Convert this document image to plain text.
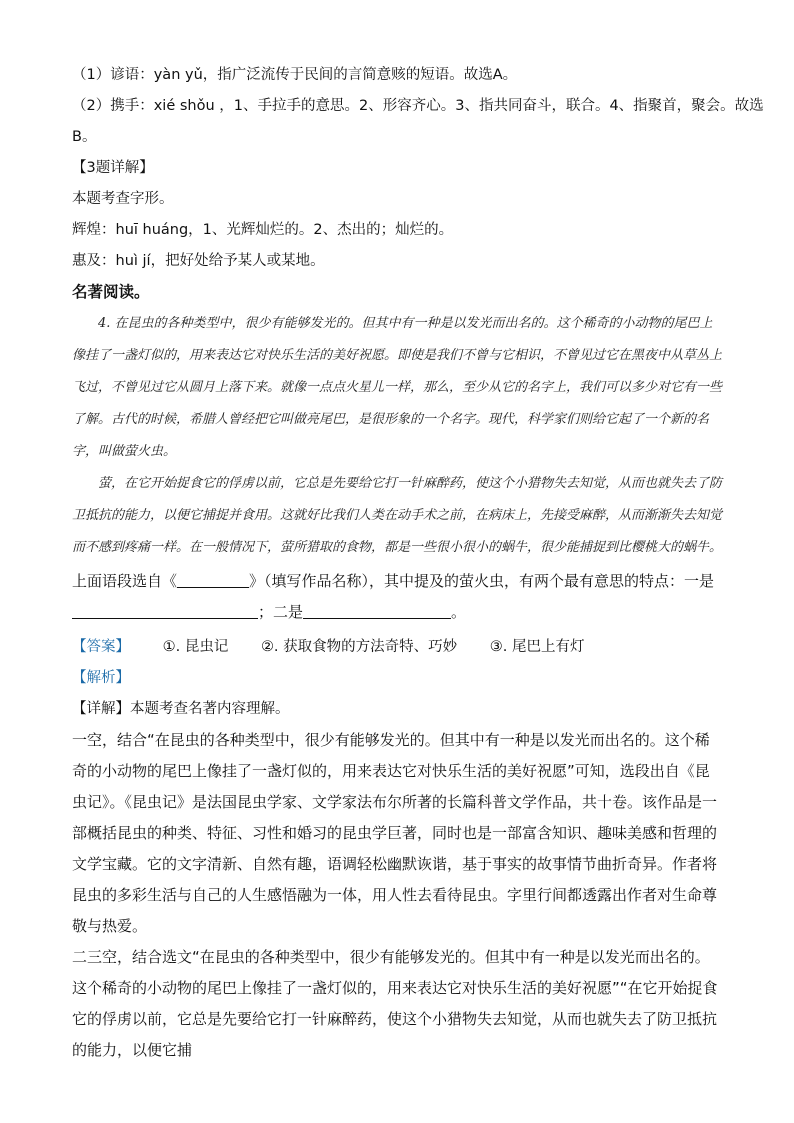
（1）谚语：yàn yǔ，指广泛流传于民间的言简意赅的短语。故选A。
（2）携手：xié shǒu ，1、手拉手的意思。2、形容齐心。3、指共同奋斗，联合。4、指聚首，聚会。故选
B。
【3题详解】
本题考查字形。
辉煌：huī huáng，1、光辉灿烂的。2、杰出的；灿烂的。
惠及：huì jí，把好处给予某人或某地。
名著阅读。
4. 在昆虫的各种类型中，很少有能够发光的。但其中有一种是以发光而出名的。这个稀奇的小动物的尾巴上像挂了一盏灯似的，用来表达它对快乐生活的美好祝愿。即使是我们不曾与它相识，不曾见过它在黑夜中从草丛上飞过，不曾见过它从圆月上落下来。就像一点点火星儿一样，那么，至少从它的名字上，我们可以多少对它有一些了解。古代的时候，希腊人曾经把它叫做亮尾巴，是很形象的一个名字。现代，科学家们则给它起了一个新的名字，叫做萤火虫。
萤，在它开始捉食它的俘虏以前，它总是先要给它打一针麻醉药，使这个小猎物失去知觉，从而也就失去了防卫抵抗的能力，以便它捕捉并食用。这就好比我们人类在动手术之前，在病床上，先接受麻醉，从而渐渐失去知觉而不感到疼痛一样。在一般情况下，萤所猎取的食物，都是一些很小很小的蜗牛，很少能捕捉到比樱桃大的蜗牛。
上面语段选自《	》（填写作品名称），其中提及的萤火虫，有两个最有意思的特点：一是
；二是	。
【答案】 ①. 昆虫记 ②. 获取食物的方法奇特、巧妙 ③. 尾巴上有灯
【解析】
【详解】本题考查名著内容理解。
一空，结合“在昆虫的各种类型中，很少有能够发光的。但其中有一种是以发光而出名的。这个稀奇的小动物的尾巴上像挂了一盏灯似的，用来表达它对快乐生活的美好祝愿”可知，选段出自《昆虫记》。《昆虫记》是法国昆虫学家、文学家法布尔所著的长篇科普文学作品，共十卷。该作品是一部概括昆虫的种类、特征、习性和婚习的昆虫学巨著，同时也是一部富含知识、趣味美感和哲理的文学宝藏。它的文字清新、自然有趣，语调轻松幽默诙谐，基于事实的故事情节曲折奇异。作者将昆虫的多彩生活与自己的人生感悟融为一体，用人性去看待昆虫。字里行间都透露出作者对生命尊敬与热爱。
二三空，结合选文“在昆虫的各种类型中，很少有能够发光的。但其中有一种是以发光而出名的。这个稀奇的小动物的尾巴上像挂了一盏灯似的，用来表达它对快乐生活的美好祝愿”“在它开始捉食它的俘虏以前，它总是先要给它打一针麻醉药，使这个小猎物失去知觉，从而也就失去了防卫抵抗的能力，以便它捕
